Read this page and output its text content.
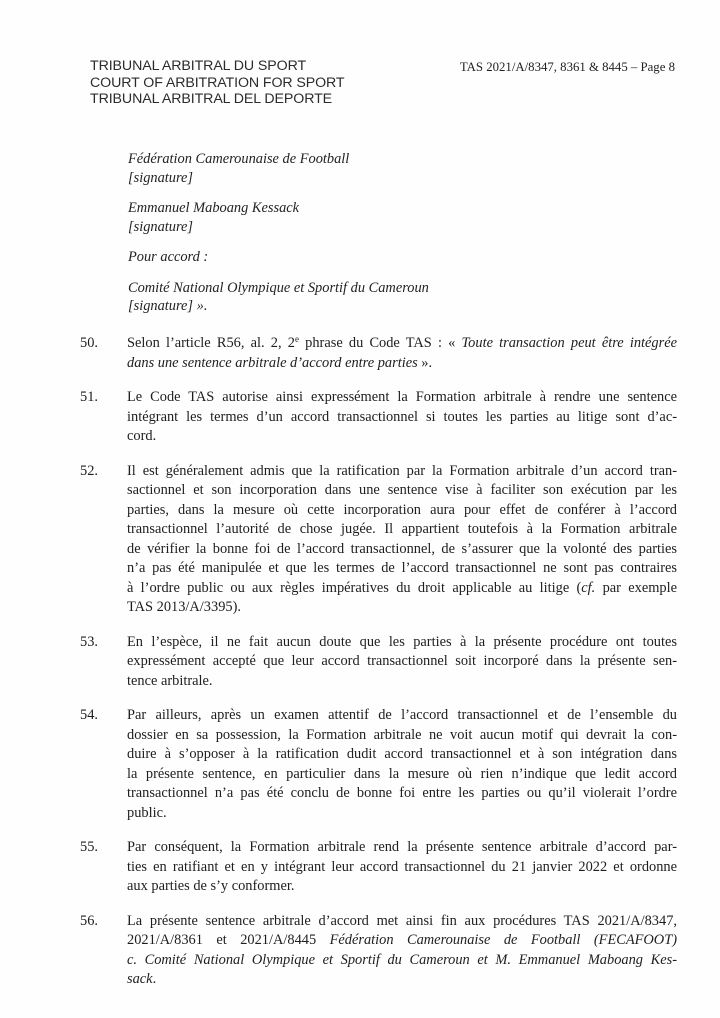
TRIBUNAL ARBITRAL DU SPORT
COURT OF ARBITRATION FOR SPORT
TRIBUNAL ARBITRAL DEL DEPORTE
TAS 2021/A/8347, 8361 & 8445 – Page 8
Fédération Camerounaise de Football
[signature]
Emmanuel Maboang Kessack
[signature]
Pour accord :
Comité National Olympique et Sportif du Cameroun
[signature] ».
50.	Selon l’article R56, al. 2, 2e phrase du Code TAS : « Toute transaction peut être intégrée
dans une sentence arbitrale d’accord entre parties ».
51.	Le Code TAS autorise ainsi expressément la Formation arbitrale à rendre une sentence
intégrant les termes d’un accord transactionnel si toutes les parties au litige sont d’ac-
cord.
52.	Il est généralement admis que la ratification par la Formation arbitrale d’un accord tran-
sactionnel et son incorporation dans une sentence vise à faciliter son exécution par les
parties, dans la mesure où cette incorporation aura pour effet de conférer à l’accord
transactionnel l’autorité de chose jugée. Il appartient toutefois à la Formation arbitrale
de vérifier la bonne foi de l’accord transactionnel, de s’assurer que la volonté des parties
n’a pas été manipulée et que les termes de l’accord transactionnel ne sont pas contraires
à l’ordre public ou aux règles impératives du droit applicable au litige (cf. par exemple
TAS 2013/A/3395).
53.	En l’espèce, il ne fait aucun doute que les parties à la présente procédure ont toutes
expressément accepté que leur accord transactionnel soit incorporé dans la présente sen-
tence arbitrale.
54.	Par ailleurs, après un examen attentif de l’accord transactionnel et de l’ensemble du
dossier en sa possession, la Formation arbitrale ne voit aucun motif qui devrait la con-
duire à s’opposer à la ratification dudit accord transactionnel et à son intégration dans
la présente sentence, en particulier dans la mesure où rien n’indique que ledit accord
transactionnel n’a pas été conclu de bonne foi entre les parties ou qu’il violerait l’ordre
public.
55.	Par conséquent, la Formation arbitrale rend la présente sentence arbitrale d’accord par-
ties en ratifiant et en y intégrant leur accord transactionnel du 21 janvier 2022 et ordonne
aux parties de s’y conformer.
56.	La présente sentence arbitrale d’accord met ainsi fin aux procédures TAS 2021/A/8347,
2021/A/8361 et 2021/A/8445 Fédération Camerounaise de Football (FECAFOOT)
c. Comité National Olympique et Sportif du Cameroun et M. Emmanuel Maboang Kes-
sack.
